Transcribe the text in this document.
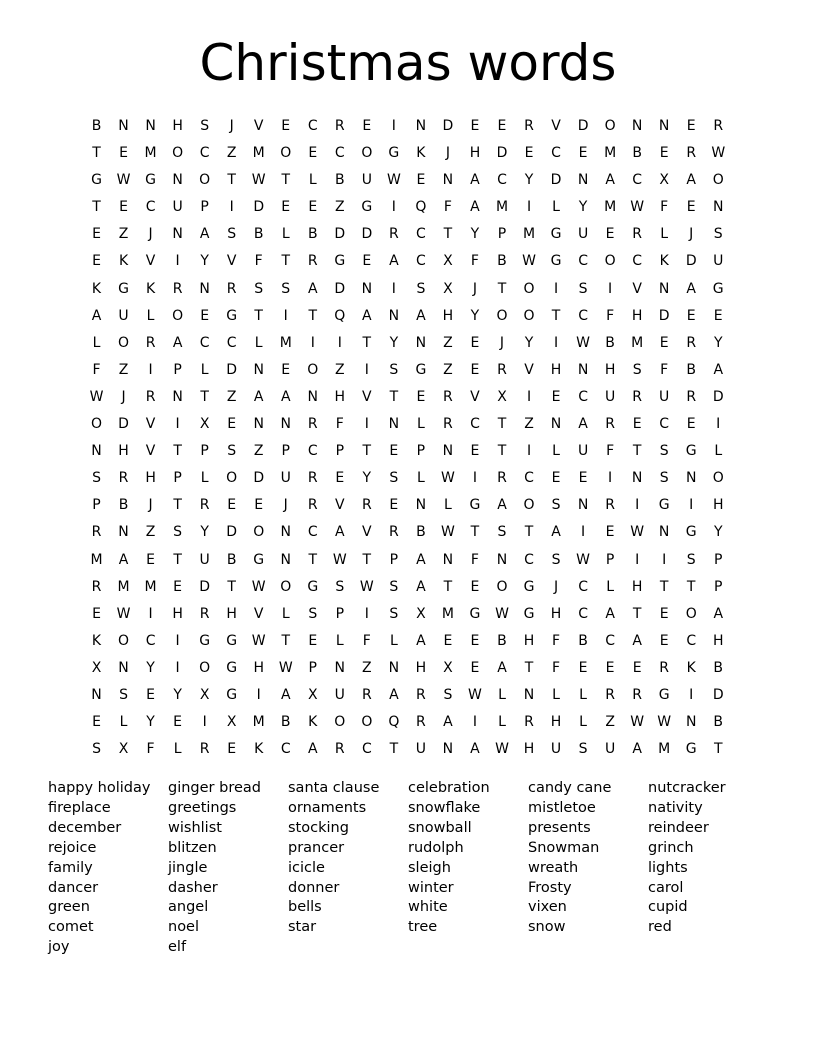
Christmas words
B	N	N	H	S	J	V	E	C	R	E	I	N	D	E	E	R	V	D	O	N	N	E	R
T	E	M	O	C	Z	M	O	E	C	O	G	K	J	H	D	E	C	E	M	B	E	R	W
G	W	G	N	O	T	W	T	L	B	U	W	E	N	A	C	Y	D	N	A	C	X	A	O
T	E	C	U	P	I	D	E	E	Z	G	I	Q	F	A	M	I	L	Y	M	W	F	E	N
E	Z	J	N	A	S	B	L	B	D	D	R	C	T	Y	P	M	G	U	E	R	L	J	S
E	K	V	I	Y	V	F	T	R	G	E	A	C	X	F	B	W	G	C	O	C	K	D	U
K	G	K	R	N	R	S	S	A	D	N	I	S	X	J	T	O	I	S	I	V	N	A	G
A	U	L	O	E	G	T	I	T	Q	A	N	A	H	Y	O	O	T	C	F	H	D	E	E
L	O	R	A	C	C	L	M	I	I	T	Y	N	Z	E	J	Y	I	W	B	M	E	R	Y
F	Z	I	P	L	D	N	E	O	Z	I	S	G	Z	E	R	V	H	N	H	S	F	B	A
W	J	R	N	T	Z	A	A	N	H	V	T	E	R	V	X	I	E	C	U	R	U	R	D
O	D	V	I	X	E	N	N	R	F	I	N	L	R	C	T	Z	N	A	R	E	C	E	I
N	H	V	T	P	S	Z	P	C	P	T	E	P	N	E	T	I	L	U	F	T	S	G	L
S	R	H	P	L	O	D	U	R	E	Y	S	L	W	I	R	C	E	E	I	N	S	N	O
P	B	J	T	R	E	E	J	R	V	R	E	N	L	G	A	O	S	N	R	I	G	I	H
R	N	Z	S	Y	D	O	N	C	A	V	R	B	W	T	S	T	A	I	E	W	N	G	Y
M	A	E	T	U	B	G	N	T	W	T	P	A	N	F	N	C	S	W	P	I	I	S	P
R	M	M	E	D	T	W	O	G	S	W	S	A	T	E	O	G	J	C	L	H	T	T	P
E	W	I	H	R	H	V	L	S	P	I	S	X	M	G	W	G	H	C	A	T	E	O	A
K	O	C	I	G	G	W	T	E	L	F	L	A	E	E	B	H	F	B	C	A	E	C	H
X	N	Y	I	O	G	H	W	P	N	Z	N	H	X	E	A	T	F	E	E	E	R	K	B
N	S	E	Y	X	G	I	A	X	U	R	A	R	S	W	L	N	L	L	R	R	G	I	D
E	L	Y	E	I	X	M	B	K	O	O	Q	R	A	I	L	R	H	L	Z	W W	N	B
S	X	F	L	R	E	K	C	A	R	C	T	U	N	A	W	H	U	S	U	A	M	G	T
happy holiday
fireplace
december
rejoice
family
dancer
green
comet
joy
ginger bread
greetings
wishlist
blitzen
jingle
dasher
angel
noel
elf
santa clause
ornaments
stocking
prancer
icicle
donner
bells
star
celebration
snowflake
snowball
rudolph
sleigh
winter
white
tree
candy cane
mistletoe
presents
Snowman
wreath
Frosty
vixen
snow
nutcracker
nativity
reindeer
grinch
lights
carol
cupid
red
